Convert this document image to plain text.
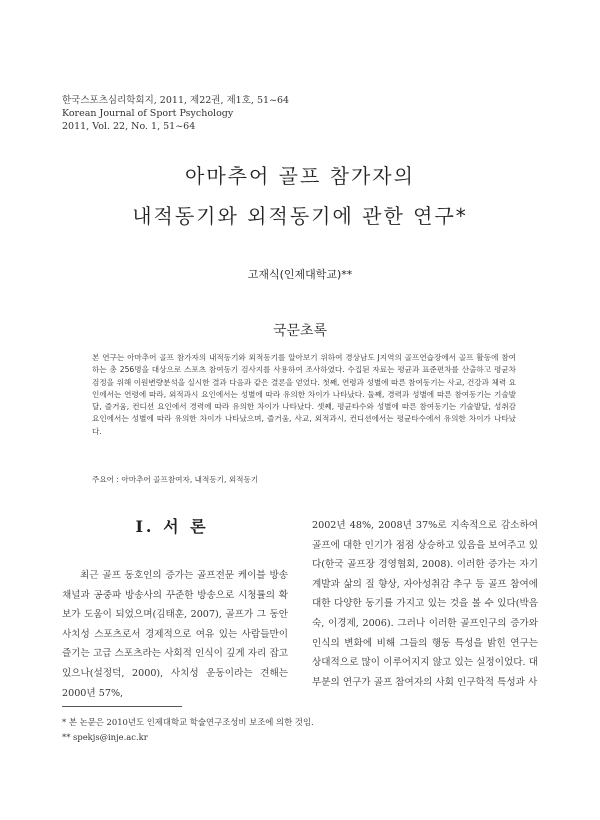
한국스포츠심리학회지, 2011, 제22권, 제1호, 51~64
Korean Journal of Sport Psychology
2011, Vol. 22, No. 1, 51~64
아마추어 골프 참가자의
내적동기와 외적동기에 관한 연구*
고재식(인제대학교)**
국문초록
본 연구는 아마추어 골프 참가자의 내적동기와 외적동기를 알아보기 위하여 경상남도 J지역의 골프연습장에서 골프 활동에 참여하는 총 256명을 대상으로 스포츠 참여동기 검사지를 사용하여 조사하였다. 수집된 자료는 평균과 표준편차를 산출하고 평균차 검정을 위해 이원변량분석을 실시한 결과 다음과 같은 결론을 얻었다. 첫째, 연령과 성별에 따른 참여동기는 사교, 건강과 체력 요인에서는 연령에 따라, 외적과시 요인에서는 성별에 따라 유의한 차이가 나타났다. 둘째, 경력과 성별에 따른 참여동기는 기술발달, 즐거움, 컨디션 요인에서 경력에 따라 유의한 차이가 나타났다. 셋째, 평균타수와 성별에 따른 참여동기는 기술발달, 성취감 요인에서는 성별에 따라 유의한 차이가 나타났으며, 즐거움, 사교, 외적과시, 컨디션에서는 평균타수에서 유의한 차이가 나타났다.
주요어 : 아마추어 골프참여자, 내적동기, 외적동기
I. 서 론
최근 골프 동호인의 증가는 골프전문 케이블 방송 채널과 공중파 방송사의 꾸준한 방송으로 시청률의 확보가 도움이 되었으며(김태훈, 2007), 골프가 그 동안 사치성 스포츠로서 경제적으로 여유 있는 사람들만이 즐기는 고급 스포츠라는 사회적 인식이 깊게 자리 잡고 있으나(설정덕, 2000), 사치성 운동이라는 견해는 2000년 57%,
2002년 48%, 2008년 37%로 지속적으로 감소하여 골프에 대한 인기가 점점 상승하고 있음을 보여주고 있다(한국 골프장 경영협회, 2008). 이러한 증가는 자기계발과 삶의 질 향상, 자아성취감 추구 등 골프 참여에 대한 다양한 동기를 가지고 있는 것을 볼 수 있다(박음숙, 이경제, 2006). 그러나 이러한 골프인구의 증가와 인식의 변화에 비해 그들의 행동 특성을 밝힌 연구는 상대적으로 많이 이루어지지 않고 있는 실정이었다. 대부분의 연구가 골프 참여자의 사회 인구학적 특성과 사
* 본 논문은 2010년도 인제대학교 학술연구조성비 보조에 의한 것임.
** spekjs@inje.ac.kr
